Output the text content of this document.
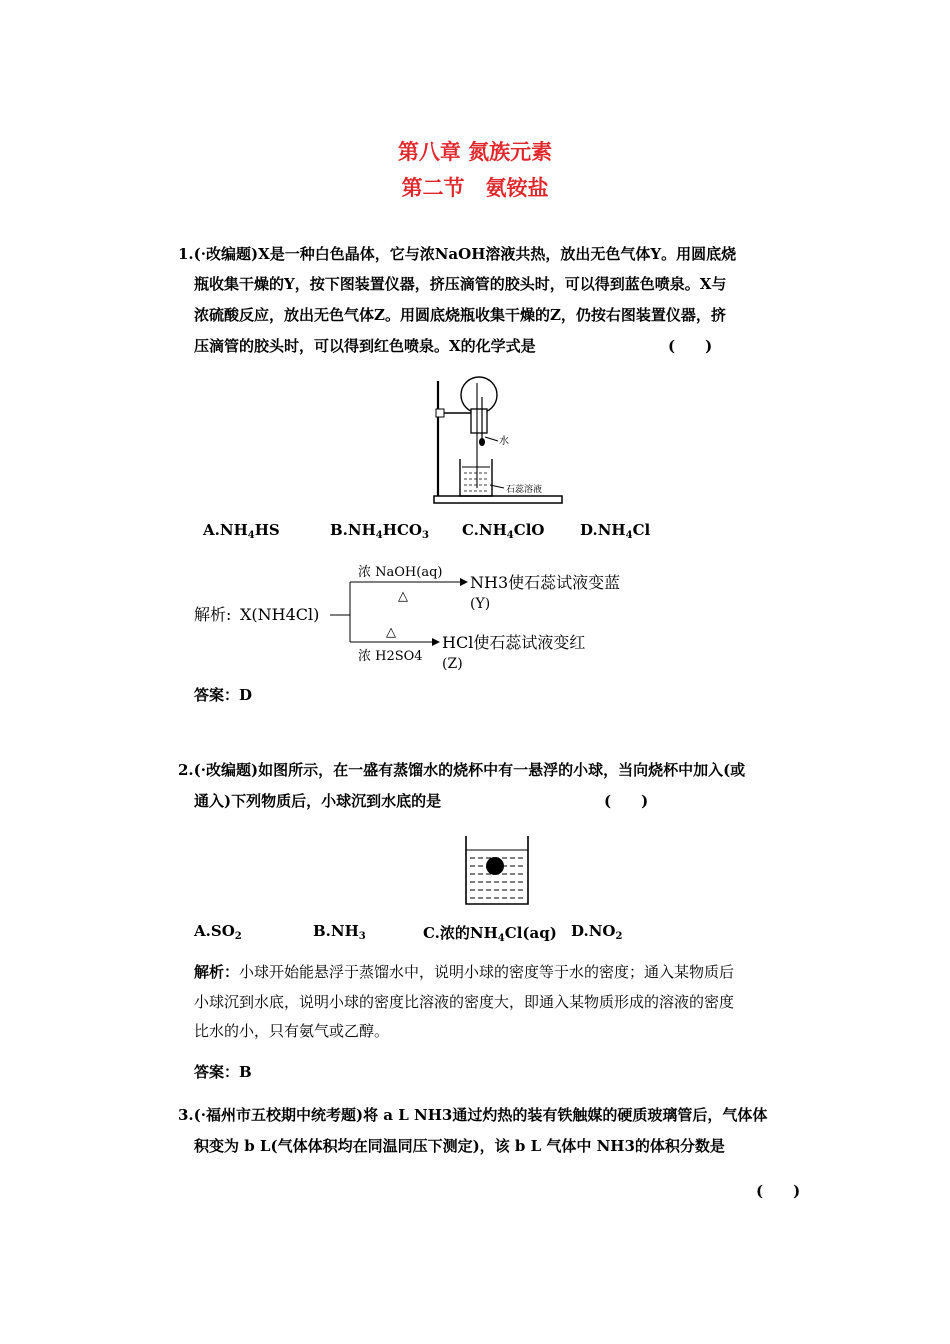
第八章 氮族元素
第二节　氨铵盐
1.(·改编题)X是一种白色晶体，它与浓NaOH溶液共热，放出无色气体Y。用圆底烧
瓶收集干燥的Y，按下图装置仪器，挤压滴管的胶头时，可以得到蓝色喷泉。X与
浓硫酸反应，放出无色气体Z。用圆底烧瓶收集干燥的Z，仍按右图装置仪器，挤
压滴管的胶头时，可以得到红色喷泉。X的化学式是	(　　)
水
石蕊溶液
$A.NH_4HS$	$B.NH_4HCO_3$ $C.NH_4ClO$ $D.NH_4Cl$
解析: X(NH4Cl)
浓 NaOH(aq)
△
NH3使石蕊试液变蓝
(Y)
△
浓 H2SO4
HCl使石蕊试液变红
(Z)
答案：D
2.(·改编题)如图所示，在一盛有蒸馏水的烧杯中有一悬浮的小球，当向烧杯中加入(或
通入)下列物质后，小球沉到水底的是	(　　)
$A.SO_2$	$B.NH_3$	C.浓的$NH_4Cl(aq)$ $D.NO_2$
解析：小球开始能悬浮于蒸馏水中，说明小球的密度等于水的密度；通入某物质后
小球沉到水底，说明小球的密度比溶液的密度大，即通入某物质形成的溶液的密度
比水的小，只有氨气或乙醇。
答案：B
3.(·福州市五校期中统考题)将 a L NH3通过灼热的装有铁触媒的硬质玻璃管后，气体体
积变为 b L(气体体积均在同温同压下测定)，该 b L 气体中 NH3的体积分数是
(　　)
